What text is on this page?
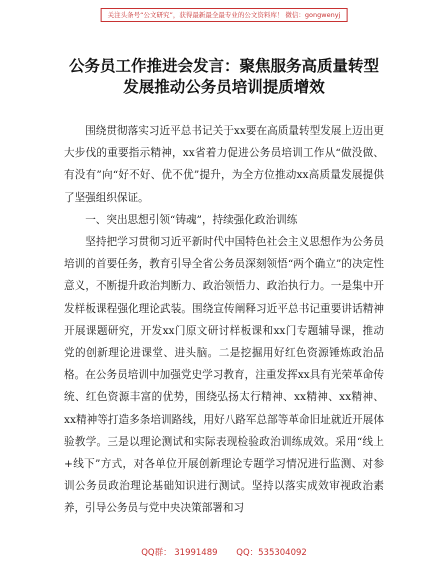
关注头条号“公文研究”，获得最新最全最专业的公文资料库！ 微信：gongwenyj
公务员工作推进会发言：聚焦服务高质量转型
发展推动公务员培训提质增效

围绕贯彻落实习近平总书记关于xx要在高质量转型发展上迈出更大步伐的重要指示精神，xx省着力促进公务员培训工作从“做没做、有没有”向“好不好、优不优”提升，为全方位推动xx高质量发展提供了坚强组织保证。

一、突出思想引领“铸魂”，持续强化政治训练

坚持把学习贯彻习近平新时代中国特色社会主义思想作为公务员培训的首要任务，教育引导全省公务员深刻领悟“两个确立”的决定性意义，不断提升政治判断力、政治领悟力、政治执行力。一是集中开发样板课程强化理论武装。围绕宣传阐释习近平总书记重要讲话精神开展课题研究，开发xx门原文研讨样板课和xx门专题辅导课，推动党的创新理论进课堂、进头脑。二是挖掘用好红色资源锤炼政治品格。在公务员培训中加强党史学习教育，注重发挥xx具有光荣革命传统、红色资源丰富的优势，围绕弘扬太行精神、xx精神、xx精神、xx精神等打造多条培训路线，用好八路军总部等革命旧址就近开展体验教学。三是以理论测试和实际表现检验政治训练成效。采用“线上+线下”方式，对各单位开展创新理论专题学习情况进行监测、对参训公务员政治理论基础知识进行测试。坚持以落实成效审视政治素养，引导公务员与党中央决策部署和习

QQ群： 31991489 QQ：535304092
